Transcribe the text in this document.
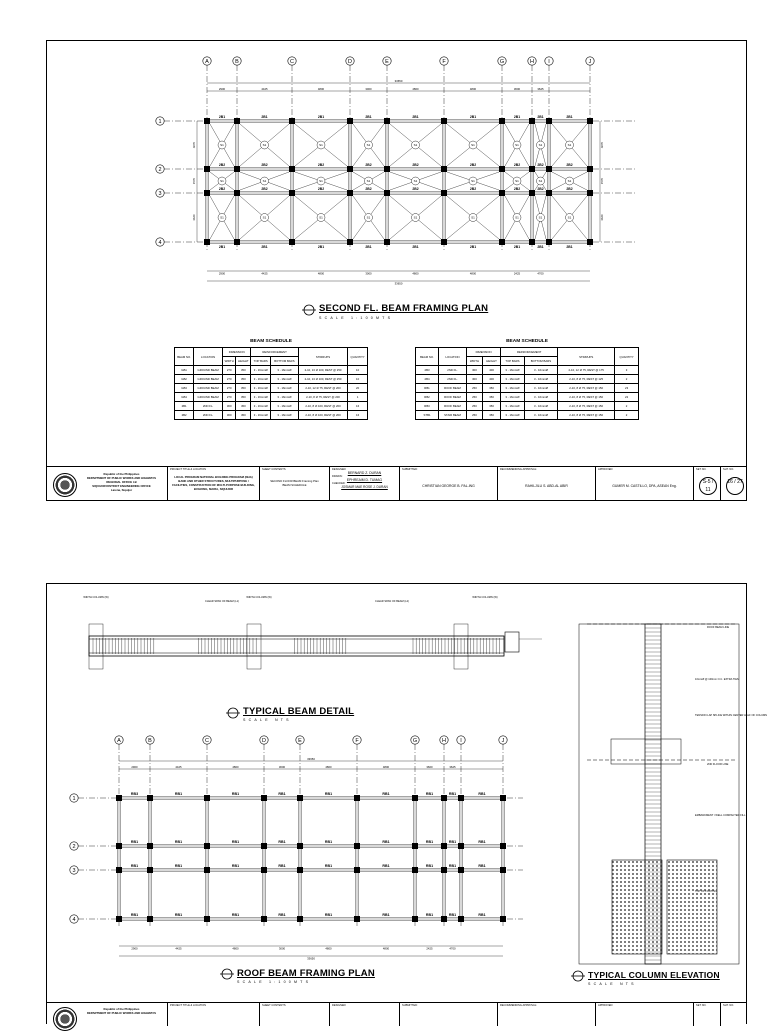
A	B	C	D	E	F	G	H	I	J
1
2
3
4
33650
2900	4425	4800	3000	4800	4800	3600	3625
2900	4425	4800	3000	4800	4800	2425	4700
33650
4670	4670
1570	1570
3620	3620
S1
2B1
S1
2B1
S1
2B1
S1
2B1
S1
2B1
S1
2B1
S1
2B1
S1
2B1
S1
2B1
S1
2B2
S1
2B2
S1
2B2
S1
2B2
S1
2B2
S1
2B2
S1
2B2
S1
2B2
S1
2B2
S1
2B2
2B1
S1
2B2
2B1
S1
2B2
2B1
S1
2B2
2B1
S1
2B2
2B1
S1
2B2
2B1
S1
2B2
2B1
S1
2B2
2B1
S1
2B2
2B1
SECOND FL. BEAM FRAMING PLAN
SCALE 1:100MTS
BEAM SCHEDULE
BEAM NO.	LOCATION	DIMENSION		REINFORCEMENT		STIRRUPS	QUANTITY
		WIDTH	HEIGHT	TOP BARS	BOTTOM BARS		
GB1	GROUND BEAM	270	350	3 - 16mmØ	3 - 16mmØ	2-10, 13 ⊘ 100, REST @ 250	10
GB2	GROUND BEAM	270	350	3 - 16mmØ	3 - 16mmØ	2-10, 13 ⊘ 100, REST @ 250	10
GB3	GROUND BEAM	270	350	3 - 16mmØ	3 - 16mmØ	2-10, 12 ⊘ 75, REST @ 200	20
GB4	GROUND BEAM	270	350	3 - 16mmØ	3 - 16mmØ	2-10, 8 ⊘ 75, REST @ 200	1
2B1	2ND FL.	300	450	3 - 16mmØ	3 - 16mmØ	2-10, 8 ⊘ 100, REST @ 200	16
2B2	2ND FL.	300	450	3 - 16mmØ	3 - 16mmØ	2-10, 8 ⊘ 100, REST @ 200	16
BEAM SCHEDULE
BEAM NO.	LOCATION	DIMENSION		REINFORCEMENT		STIRRUPS	QUANTITY
		WIDTH	HEIGHT	TOP BARS	BOTTOM BARS		
2B3	2ND FL.	300	400	3 - 16mmØ	3 - 16mmØ	2-10, 12 ⊘ 75, REST @ 175	3
2B4	2ND FL.	300	400	3 - 16mmØ	3 - 16mmØ	2-10, 8 ⊘ 75, REST @ 125	2
RB1	ROOF BEAM	250	350	3 - 16mmØ	3 - 16mmØ	2-10, 8 ⊘ 75, REST @ 150	23
RB2	ROOF BEAM	250	350	3 - 16mmØ	3 - 16mmØ	2-10, 8 ⊘ 75, REST @ 150	22
RB3	ROOF BEAM	250	350	3 - 16mmØ	3 - 16mmØ	2-10, 8 ⊘ 75, REST @ 150	2
STB1	STAIR BEAM	250	350	3 - 16mmØ	3 - 16mmØ	2-10, 8 ⊘ 75, REST @ 150	2
Republic of the Philippines
DEPARTMENT OF PUBLIC WORKS AND HIGHWAYS
REGIONAL OFFICE I-B
SIQUIJOR DISTRICT ENGINEERING OFFICE
Larena, Siquijor
PROJECT TITLE & LOCATION
LOCAL PROGRAM NATIONAL BUILDING PROGRAM (NHA) BANK AND OTHER STRUCTURES, MULTIPURPOSE / FACILITIES, CONSTRUCTION OF MULTI-PURPOSE BUILDING, BUILDING, MARIA, SIQUIJOR
SHEET CONTENTS
SECOND FLOOR BEAM Framing Plan
BEAM SCHEDULE
DESIGNED:
BERNARD Z. DURAN
DRAWN:
EPHREAIM D. TUMAG
CHECKED:
JOSMAR MAE ROSE J. DURAN
SUBMITTED:
CHRISTIAN GEORGE B. PAL-ING
RECOMMENDING APPROVAL:
RAHILJILU S. ABD-AL ABIR
APPROVED:
GUMER M. CASTILLO, DPA, ASEAN Eng.
SET NO.
S-5 / 11
SHT. NO.
16 / 27
A	B	C	D	E	F	G	H	I	J
1
2
3
4
33650
2900	4425	4800	3000	4800	4800	3600	3625
2900	4425	4800	3000	4800	4800	2425	4700
33650
RB3	RB1	RB1	RB1	RB1	RB1	RB1	RB1	RB1
RB1	RB1	RB1	RB1	RB1	RB1	RB1	RB1	RB1
RB1
RB1
RB1
RB1
RB1
RB1
RB1
RB1
RB1
RB1
RB1
RB1
RB1
RB1
RB1
RB1
RB1
RB1
WIDTH COLUMN (W)
CLEAR SPAN OF BEAM (L1)
WIDTH COLUMN (W)
CLEAR SPAN OF BEAM (L2)
WIDTH COLUMN (W)
ROOF BEAM LINE
2ND FLOOR LINE
10mmØ @ 100mm O.C. EXTRA TIES
TENSION LAP SPLICE WITHIN CENTER HALF OF COLUMN
EMBANKMENT / WELL COMPACTED FILL
TOP OF FOOTING
TYPICAL BEAM DETAIL
SCALE NTS
ROOF BEAM FRAMING PLAN
SCALE 1:100MTS
TYPICAL COLUMN ELEVATION
SCALE NTS
Republic of the Philippines
DEPARTMENT OF PUBLIC WORKS AND HIGHWAYS
PROJECT TITLE & LOCATION	SHEET CONTENTS	DESIGNED:	SUBMITTED:	RECOMMENDING APPROVAL:	APPROVED:	SET NO.	SHT. NO.
